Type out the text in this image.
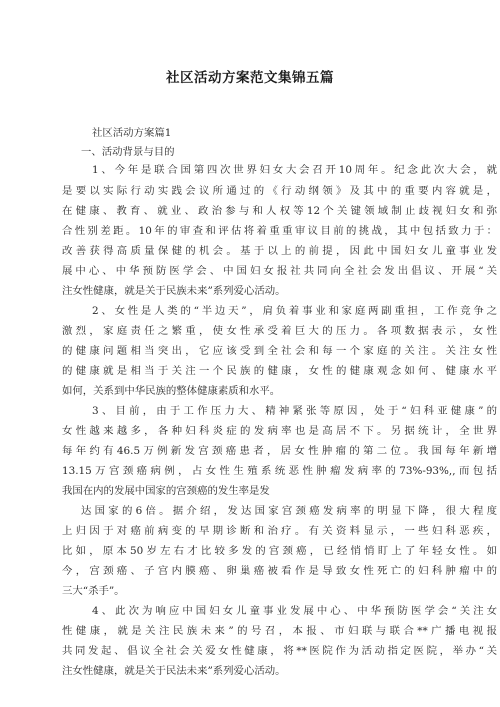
社区活动方案范文集锦五篇
社区活动方案篇1
一、活动背景与目的
1、今年是联合国第四次世界妇女大会召开10周年。纪念此次大会，就
是要以实际行动实践会议所通过的《行动纲领》及其中的重要内容就是，
在健康、教育、就业、政治参与和人权等12个关键领域制止歧视妇女和弥
合性别差距。10年的审查和评估将着重重审议目前的挑战，其中包括致力于：
改善获得高质量保健的机会。基于以上的前提，因此中国妇女儿童事业发
展中心、中华预防医学会、中国妇女报社共同向全社会发出倡议、开展“关
注女性健康，就是关于民族未来”系列爱心活动。
2、女性是人类的“半边天”，肩负着事业和家庭两副重担，工作竞争之
激烈，家庭责任之繁重，使女性承受着巨大的压力。各项数据表示，女性
的健康问题相当突出，它应该受到全社会和每一个家庭的关注。关注女性
的健康就是相当于关注一个民族的健康，女性的健康观念如何、健康水平
如何，关系到中华民族的整体健康素质和水平。
3、目前，由于工作压力大、精神紧张等原因，处于“妇科亚健康”的
女性越来越多，各种妇科炎症的发病率也是高居不下。另据统计，全世界
每年约有46.5万例新发宫颈癌患者，居女性肿瘤的第二位。我国每年新增
13.15万宫颈癌病例，占女性生殖系统恶性肿瘤发病率的73%-93%,,而包括
我国在内的发展中国家的宫颈癌的发生率是发
达国家的6倍。据介绍，发达国家宫颈癌发病率的明显下降，很大程度
上归因于对癌前病变的早期诊断和治疗。有关资料显示，一些妇科恶疾，
比如，原本50岁左右才比较多发的宫颈癌，已经悄悄盯上了年轻女性。如
今，宫颈癌、子宫内膜癌、卵巢癌被看作是导致女性死亡的妇科肿瘤中的
三大“杀手”。
4、此次为响应中国妇女儿童事业发展中心、中华预防医学会“关注女
性健康，就是关注民族未来”的号召，本报、市妇联与联合**广播电视报
共同发起、倡议全社会关爱女性健康，将**医院作为活动指定医院，举办“关
注女性健康，就是关于民法未来”系列爱心活动。
